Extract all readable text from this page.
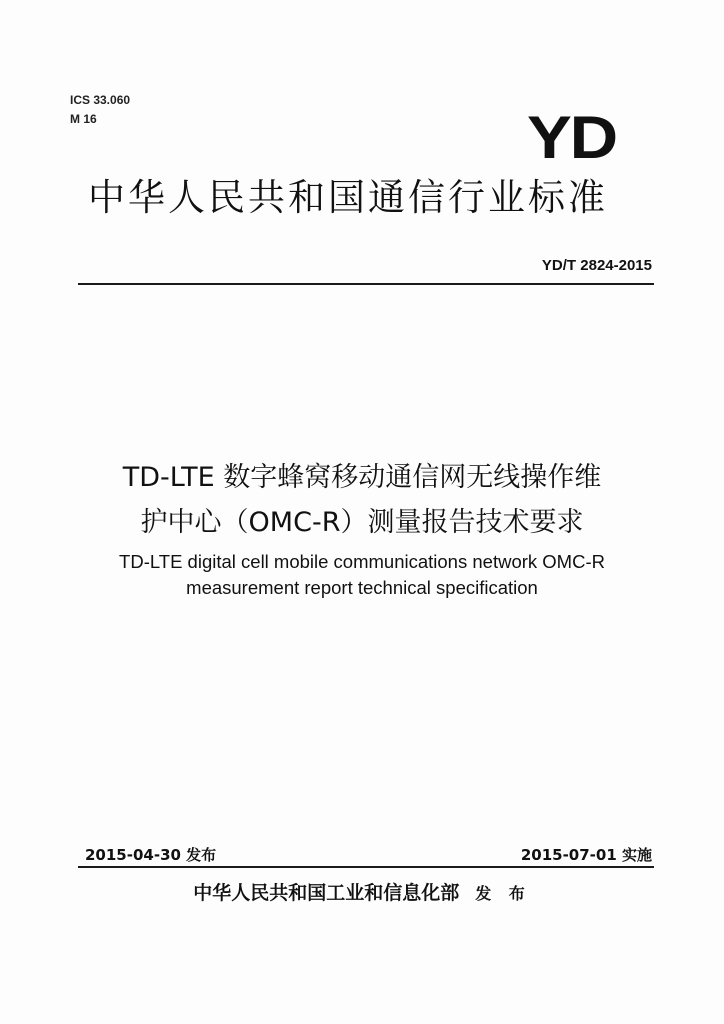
ICS 33.060
M 16	YD
中华人民共和国通信行业标准
YD/T 2824-2015
TD-LTE 数字蜂窝移动通信网无线操作维
护中心（OMC-R）测量报告技术要求
TD-LTE digital cell mobile communications network OMC-R
measurement report technical specification
2015-04-30 发布	2015-07-01 实施
中华人民共和国工业和信息化部 发 布
